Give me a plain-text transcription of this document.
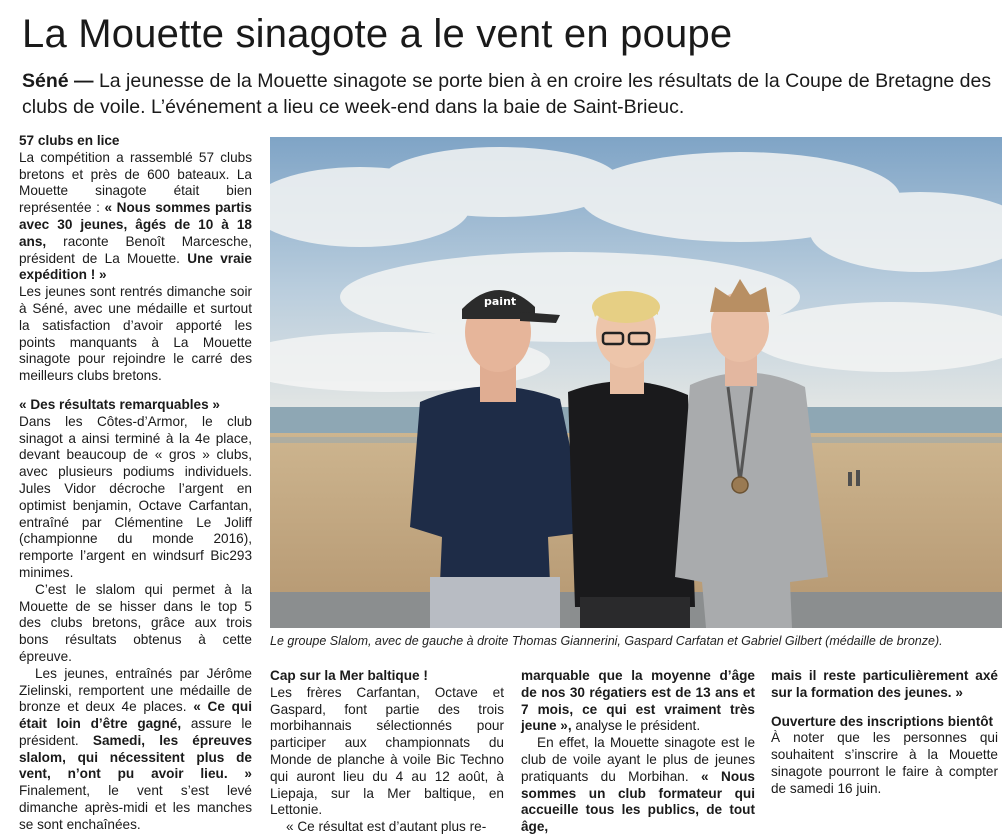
La Mouette sinagote a le vent en poupe

Séné — La jeunesse de la Mouette sinagote se porte bien à en croire les résultats de la Coupe de Bretagne des clubs de voile. L’événement a lieu ce week-end dans la baie de Saint-Brieuc.

57 clubs en lice

La compétition a rassemblé 57 clubs bretons et près de 600 bateaux. La Mouette sinagote était bien représentée : « Nous sommes partis avec 30 jeunes, âgés de 10 à 18 ans, raconte Benoît Marcesche, président de La Mouette. Une vraie expédition ! »

Les jeunes sont rentrés dimanche soir à Séné, avec une médaille et surtout la satisfaction d’avoir apporté les points manquants à La Mouette sinagote pour rejoindre le carré des meilleurs clubs bretons.

« Des résultats remarquables »

Dans les Côtes-d’Armor, le club sinagot a ainsi terminé à la 4e place, devant beaucoup de « gros » clubs, avec plusieurs podiums individuels. Jules Vidor décroche l’argent en optimist benjamin, Octave Carfantan, entraîné par Clémentine Le Joliff (championne du monde 2016), remporte l’argent en windsurf Bic293 minimes.

C’est le slalom qui permet à la Mouette de se hisser dans le top 5 des clubs bretons, grâce aux trois bons résultats obtenus à cette épreuve.

Les jeunes, entraînés par Jérôme Zielinski, remportent une médaille de bronze et deux 4e places. « Ce qui était loin d’être gagné, assure le président. Samedi, les épreuves slalom, qui nécessitent plus de vent, n’ont pu avoir lieu. » Finalement, le vent s’est levé dimanche après-midi et les manches se sont enchaînées.

paint
Le groupe Slalom, avec de gauche à droite Thomas Giannerini, Gaspard Carfatan et Gabriel Gilbert (médaille de bronze).

Cap sur la Mer baltique !

Les frères Carfantan, Octave et Gaspard, font partie des trois morbihannais sélectionnés pour participer aux championnats du Monde de planche à voile Bic Techno qui auront lieu du 4 au 12 août, à Liepaja, sur la Mer baltique, en Lettonie.

« Ce résultat est d’autant plus re-

marquable que la moyenne d’âge de nos 30 régatiers est de 13 ans et 7 mois, ce qui est vraiment très jeune », analyse le président.

En effet, la Mouette sinagote est le club de voile ayant le plus de jeunes pratiquants du Morbihan. « Nous sommes un club formateur qui accueille tous les publics, de tout âge,

mais il reste particulièrement axé sur la formation des jeunes. »

Ouverture des inscriptions bientôt

À noter que les personnes qui souhaitent s’inscrire à la Mouette sinagote pourront le faire à compter de samedi 16 juin.
